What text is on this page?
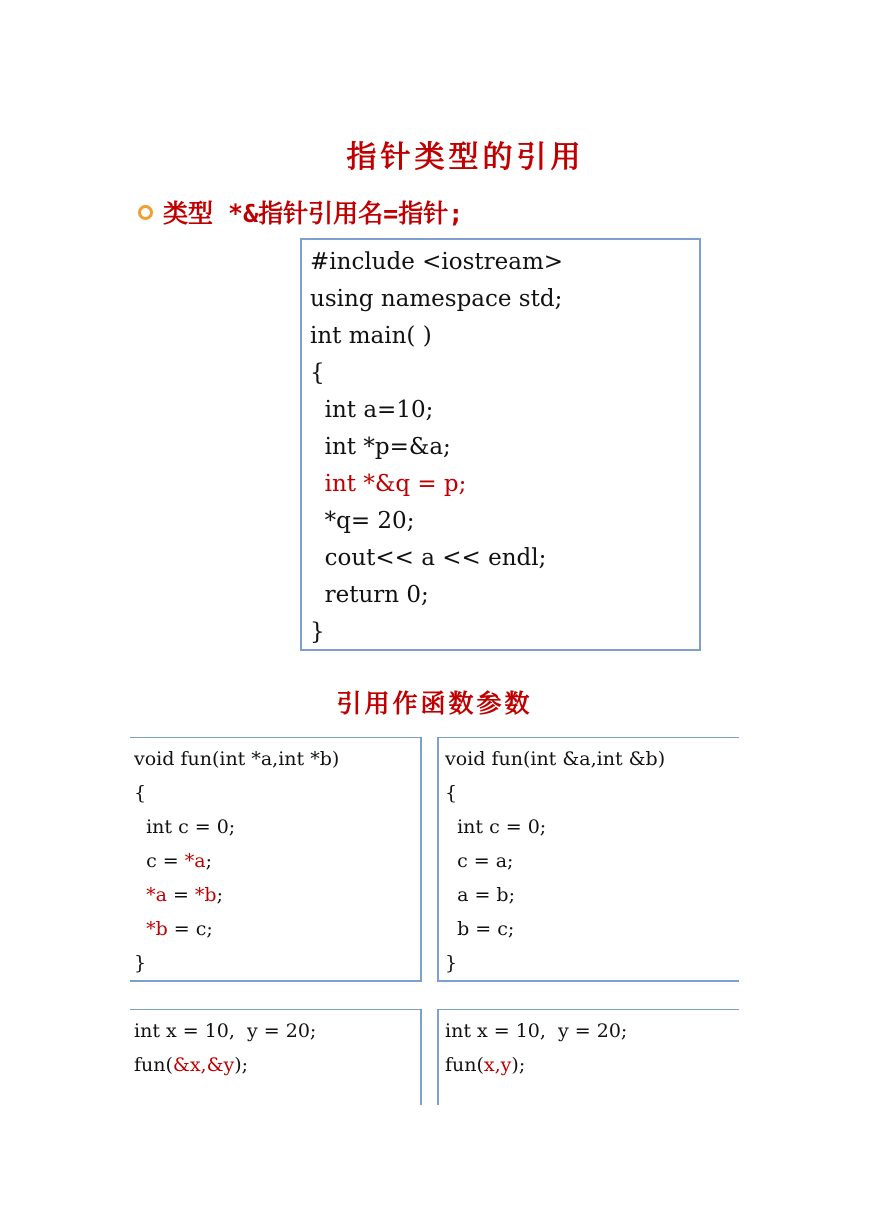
指针类型的引用
类型 *&指针引用名=指针;
#include <iostream>
using namespace std;
int main( )
{
int a=10;
int *p=&a;
int *&q = p;
*q= 20;
cout<< a << endl;
return 0;
}
引用作函数参数
void fun(int *a,int *b)
{
int c = 0;
c = *a;
*a = *b;
*b = c;
}
void fun(int &a,int &b)
{
int c = 0;
c = a;
a = b;
b = c;
}
int x = 10,  y = 20;
fun(&x,&y);
int x = 10,  y = 20;
fun(x,y);
